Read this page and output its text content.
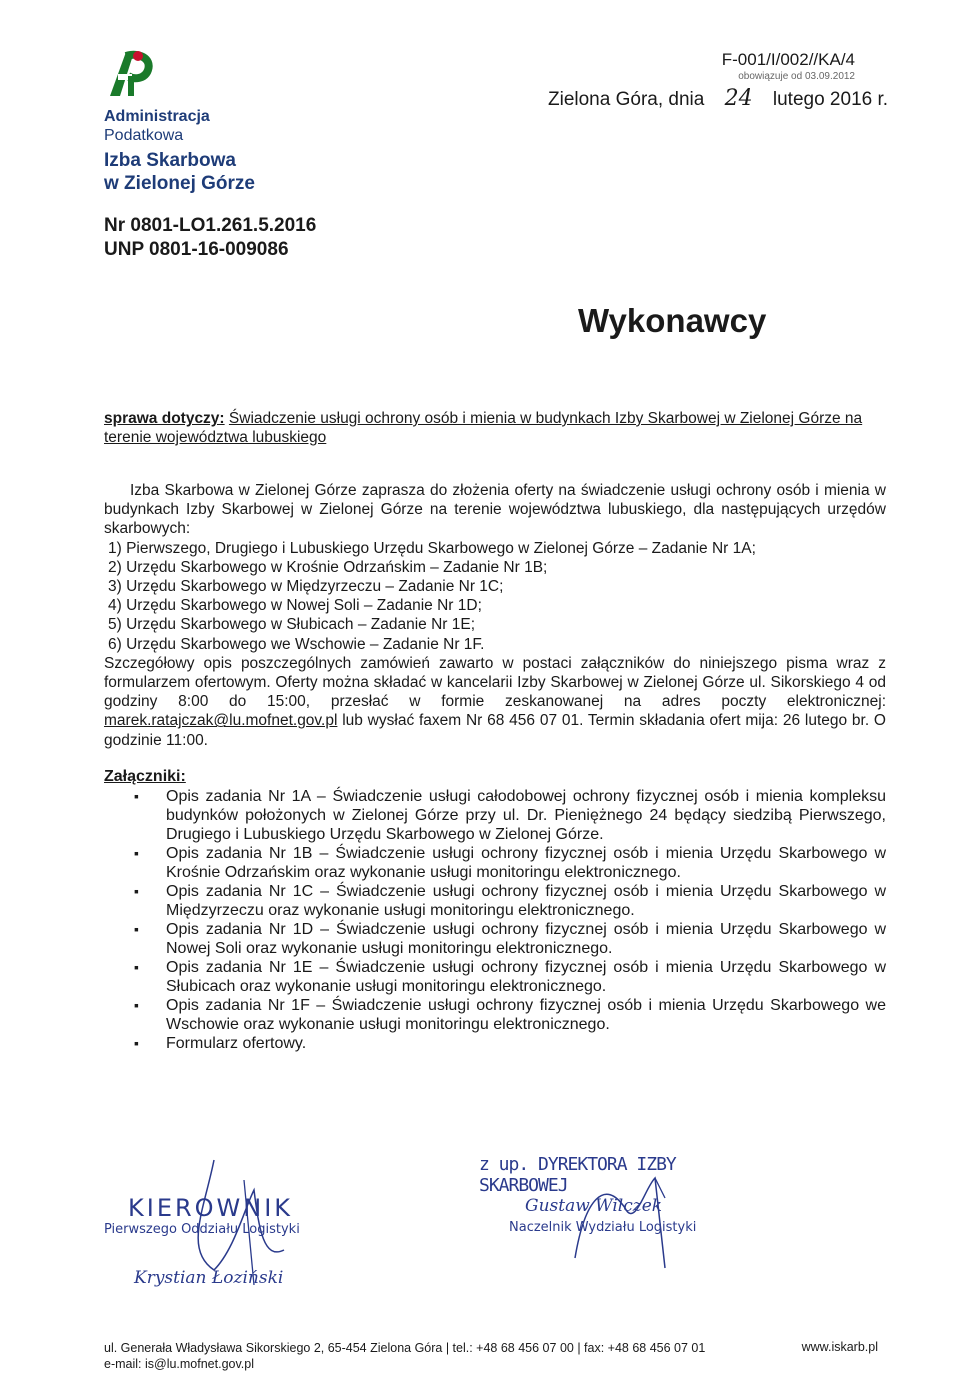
Administracja
Podatkowa
Izba Skarbowa
w Zielonej Górze
F-001/I/002//KA/4
obowiązuje od 03.09.2012
Zielona Góra, dnia 24 lutego 2016 r.
Nr 0801-LO1.261.5.2016
UNP 0801-16-009086
Wykonawcy
sprawa dotyczy: Świadczenie usługi ochrony osób i mienia w budynkach Izby Skarbowej w Zielonej Górze na terenie województwa lubuskiego

Izba Skarbowa w Zielonej Górze zaprasza do złożenia oferty na świadczenie usługi ochrony osób i mienia w budynkach Izby Skarbowej w Zielonej Górze na terenie województwa lubuskiego, dla następujących urzędów skarbowych:

1) Pierwszego, Drugiego i Lubuskiego Urzędu Skarbowego w Zielonej Górze – Zadanie Nr 1A;
2) Urzędu Skarbowego w Krośnie Odrzańskim – Zadanie Nr 1B;
3) Urzędu Skarbowego w Międzyrzeczu – Zadanie Nr 1C;
4) Urzędu Skarbowego w Nowej Soli – Zadanie Nr 1D;
5) Urzędu Skarbowego w Słubicach – Zadanie Nr 1E;
6) Urzędu Skarbowego we Wschowie – Zadanie Nr 1F.

Szczegółowy opis poszczególnych zamówień zawarto w postaci załączników do niniejszego pisma wraz z formularzem ofertowym. Oferty można składać w kancelarii Izby Skarbowej w Zielonej Górze ul. Sikorskiego 4 od godziny 8:00 do 15:00, przesłać w formie zeskanowanej na adres poczty elektronicznej: marek.ratajczak@lu.mofnet.gov.pl lub wysłać faxem Nr 68 456 07 01. Termin składania ofert mija: 26 lutego br. O godzinie 11:00.

Załączniki:
▪ Opis zadania Nr 1A – Świadczenie usługi całodobowej ochrony fizycznej osób i mienia kompleksu budynków położonych w Zielonej Górze przy ul. Dr. Pieniężnego 24 będący siedzibą Pierwszego, Drugiego i Lubuskiego Urzędu Skarbowego w Zielonej Górze.
▪ Opis zadania Nr 1B – Świadczenie usługi ochrony fizycznej osób i mienia Urzędu Skarbowego w Krośnie Odrzańskim oraz wykonanie usługi monitoringu elektronicznego.
▪ Opis zadania Nr 1C – Świadczenie usługi ochrony fizycznej osób i mienia Urzędu Skarbowego w Międzyrzeczu oraz wykonanie usługi monitoringu elektronicznego.
▪ Opis zadania Nr 1D – Świadczenie usługi ochrony fizycznej osób i mienia Urzędu Skarbowego w Nowej Soli oraz wykonanie usługi monitoringu elektronicznego.
▪ Opis zadania Nr 1E – Świadczenie usługi ochrony fizycznej osób i mienia Urzędu Skarbowego w Słubicach oraz wykonanie usługi monitoringu elektronicznego.
▪ Opis zadania Nr 1F – Świadczenie usługi ochrony fizycznej osób i mienia Urzędu Skarbowego we Wschowie oraz wykonanie usługi monitoringu elektronicznego.
▪ Formularz ofertowy.
KIEROWNIK
Pierwszego Oddziału Logistyki
Krystian Łoziński
z up. DYREKTORA IZBY SKARBOWEJ
Gustaw Wilczek
Naczelnik Wydziału Logistyki
ul. Generała Władysława Sikorskiego 2, 65-454 Zielona Góra | tel.: +48 68 456 07 00 | fax: +48 68 456 07 01
e-mail: is@lu.mofnet.gov.pl
www.iskarb.pl
